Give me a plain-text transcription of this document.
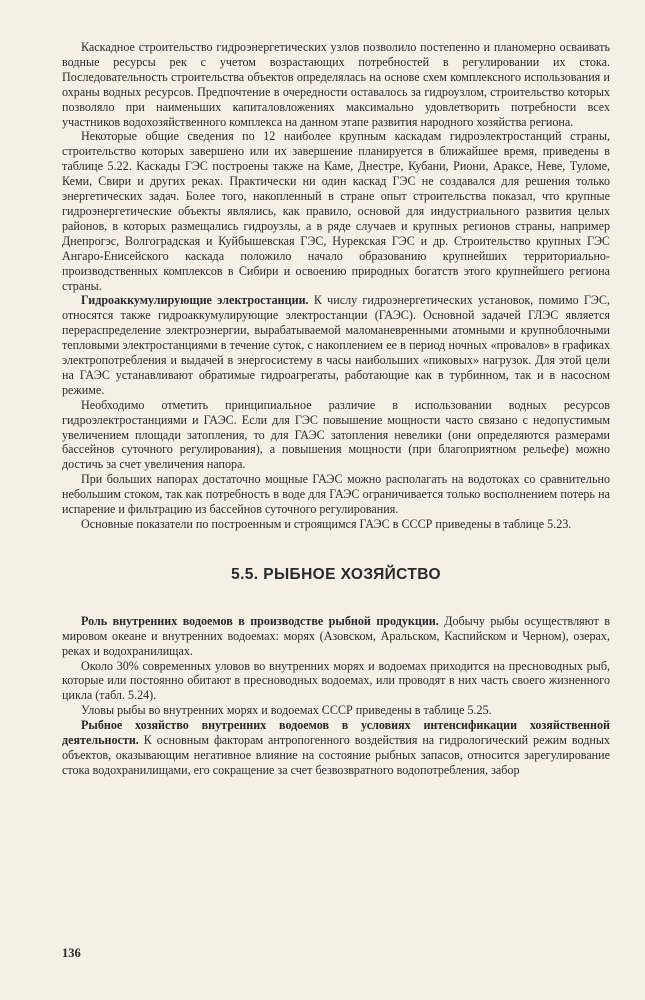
Каскадное строительство гидроэнергетических узлов позволило постепенно и планомерно осваивать водные ресурсы рек с учетом возрастающих потребностей в регулировании их стока. Последовательность строительства объектов определялась на основе схем комплексного использования и охраны водных ресурсов. Предпочтение в очередности оставалось за гидроузлом, строительство которых позволяло при наименьших капиталовложениях максимально удовлетворить потребности всех участников водохозяйственного комплекса на данном этапе развития народного хозяйства региона.

Некоторые общие сведения по 12 наиболее крупным каскадам гидроэлектростанций страны, строительство которых завершено или их завершение планируется в ближайшее время, приведены в таблице 5.22. Каскады ГЭС построены также на Каме, Днестре, Кубани, Риони, Араксе, Неве, Туломе, Кеми, Свири и других реках. Практически ни один каскад ГЭС не создавался для решения только энергетических задач. Более того, накопленный в стране опыт строительства показал, что крупные гидроэнергетические объекты являлись, как правило, основой для индустриального развития целых районов, в которых размещались гидроузлы, а в ряде случаев и крупных регионов страны, например Днепрогэс, Волгоградская и Куйбышевская ГЭС, Нурекская ГЭС и др. Строительство крупных ГЭС Ангаро-Енисейского каскада положило начало образованию крупнейших территориально-производственных комплексов в Сибири и освоению природных богатств этого крупнейшего региона страны.

Гидроаккумулирующие электростанции. К числу гидроэнергетических установок, помимо ГЭС, относятся также гидроаккумулирующие электростанции (ГАЭС). Основной задачей ГЛЭС является перераспределение электроэнергии, вырабатываемой маломаневренными атомными и крупноблочными тепловыми электростанциями в течение суток, с накоплением ее в период ночных «провалов» в графиках электропотребления и выдачей в энергосистему в часы наибольших «пиковых» нагрузок. Для этой цели на ГАЭС устанавливают обратимые гидроагрегаты, работающие как в турбинном, так и в насосном режиме.

Необходимо отметить принципиальное различие в использовании водных ресурсов гидроэлектростанциями и ГАЭС. Если для ГЭС повышение мощности часто связано с недопустимым увеличением площади затопления, то для ГАЭС затопления невелики (они определяются размерами бассейнов суточного регулирования), а повышения мощности (при благоприятном рельефе) можно достичь за счет увеличения напора.

При больших напорах достаточно мощные ГАЭС можно располагать на водотоках со сравнительно небольшим стоком, так как потребность в воде для ГАЭС ограничивается только восполнением потерь на испарение и фильтрацию из бассейнов суточного регулирования.

Основные показатели по построенным и строящимся ГАЭС в СССР приведены в таблице 5.23.

5.5. РЫБНОЕ ХОЗЯЙСТВО

Роль внутренних водоемов в производстве рыбной продукции. Добычу рыбы осуществляют в мировом океане и внутренних водоемах: морях (Азовском, Аральском, Каспийском и Черном), озерах, реках и водохранилищах.

Около 30% современных уловов во внутренних морях и водоемах приходится на пресноводных рыб, которые или постоянно обитают в пресноводных водоемах, или проводят в них часть своего жизненного цикла (табл. 5.24).

Уловы рыбы во внутренних морях и водоемах СССР приведены в таблице 5.25.

Рыбное хозяйство внутренних водоемов в условиях интенсификации хозяйственной деятельности. К основным факторам антропогенного воздействия на гидрологический режим водных объектов, оказывающим негативное влияние на состояние рыбных запасов, относится зарегулирование стока водохранилищами, его сокращение за счет безвозвратного водопотребления, забор

136
